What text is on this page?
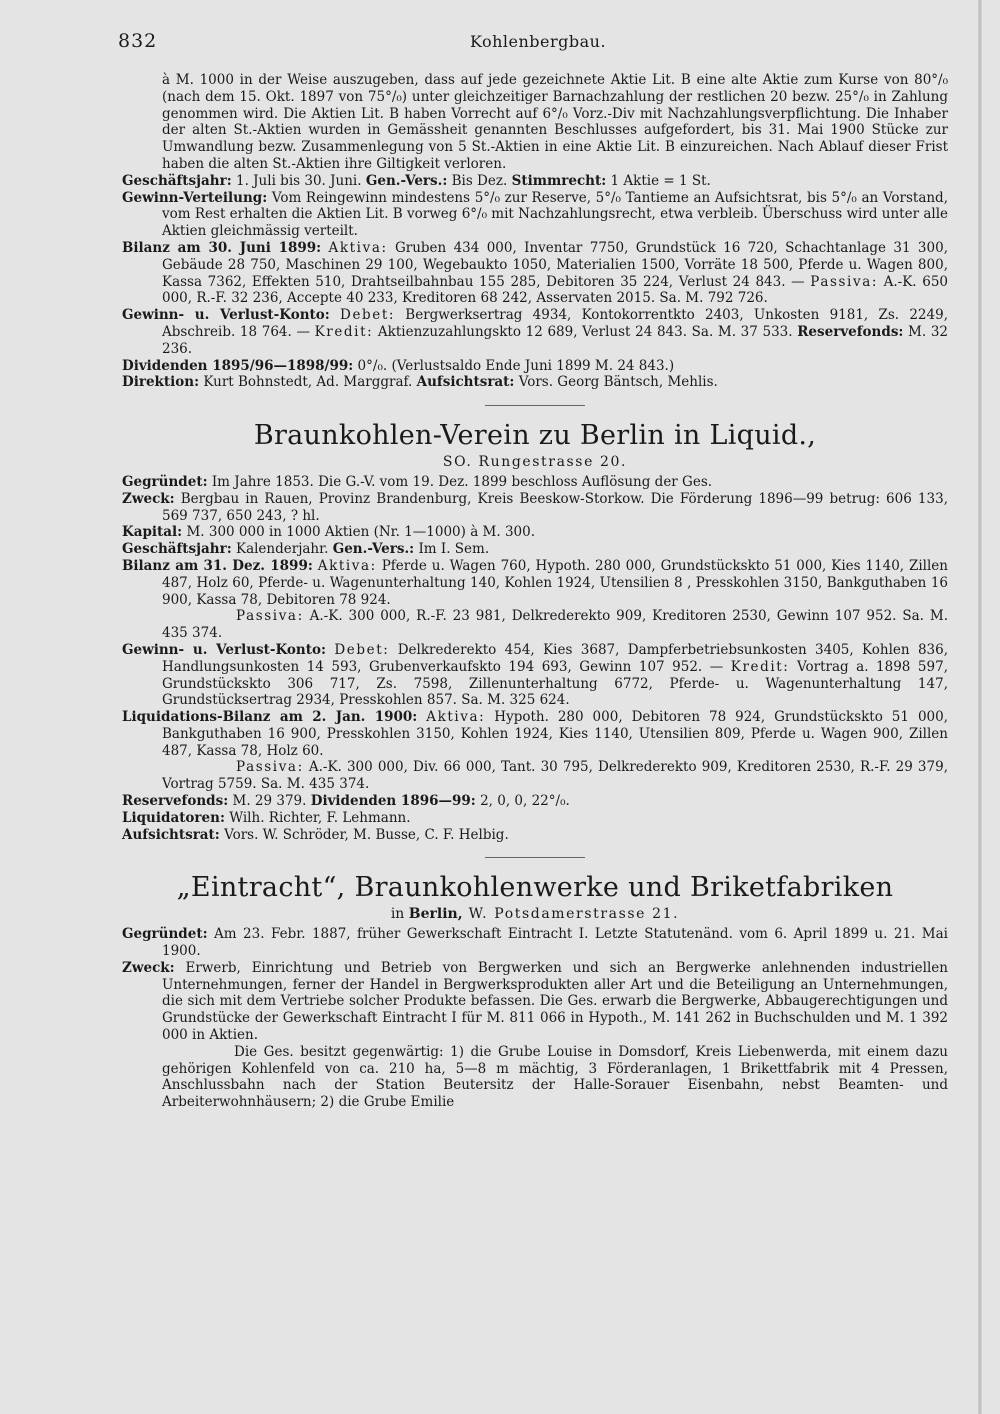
832	Kohlenbergbau.

à M. 1000 in der Weise auszugeben, dass auf jede gezeichnete Aktie Lit. B eine alte Aktie zum Kurse von 80°/₀ (nach dem 15. Okt. 1897 von 75°/₀) unter gleichzeitiger Barnachzahlung der restlichen 20 bezw. 25°/₀ in Zahlung genommen wird. Die Aktien Lit. B haben Vorrecht auf 6°/₀ Vorz.-Div mit Nachzahlungsverpflichtung. Die Inhaber der alten St.-Aktien wurden in Gemässheit genannten Beschlusses aufgefordert, bis 31. Mai 1900 Stücke zur Umwandlung bezw. Zusammenlegung von 5 St.-Aktien in eine Aktie Lit. B einzureichen. Nach Ablauf dieser Frist haben die alten St.-Aktien ihre Giltigkeit verloren.

Geschäftsjahr: 1. Juli bis 30. Juni. Gen.-Vers.: Bis Dez. Stimmrecht: 1 Aktie = 1 St.

Gewinn-Verteilung: Vom Reingewinn mindestens 5°/₀ zur Reserve, 5°/₀ Tantieme an Aufsichtsrat, bis 5°/₀ an Vorstand, vom Rest erhalten die Aktien Lit. B vorweg 6°/₀ mit Nachzahlungsrecht, etwa verbleib. Überschuss wird unter alle Aktien gleichmässig verteilt.

Bilanz am 30. Juni 1899: Aktiva: Gruben 434 000, Inventar 7750, Grundstück 16 720, Schachtanlage 31 300, Gebäude 28 750, Maschinen 29 100, Wegebaukto 1050, Materialien 1500, Vorräte 18 500, Pferde u. Wagen 800, Kassa 7362, Effekten 510, Drahtseilbahnbau 155 285, Debitoren 35 224, Verlust 24 843. — Passiva: A.-K. 650 000, R.-F. 32 236, Accepte 40 233, Kreditoren 68 242, Asservaten 2015. Sa. M. 792 726.

Gewinn- u. Verlust-Konto: Debet: Bergwerksertrag 4934, Kontokorrentkto 2403, Unkosten 9181, Zs. 2249, Abschreib. 18 764. — Kredit: Aktienzuzahlungskto 12 689, Verlust 24 843. Sa. M. 37 533. Reservefonds: M. 32 236.

Dividenden 1895/96—1898/99: 0°/₀. (Verlustsaldo Ende Juni 1899 M. 24 843.)

Direktion: Kurt Bohnstedt, Ad. Marggraf. Aufsichtsrat: Vors. Georg Bäntsch, Mehlis.

Braunkohlen-Verein zu Berlin in Liquid.,
SO. Rungestrasse 20.

Gegründet: Im Jahre 1853. Die G.-V. vom 19. Dez. 1899 beschloss Auflösung der Ges.

Zweck: Bergbau in Rauen, Provinz Brandenburg, Kreis Beeskow-Storkow. Die Förderung 1896—99 betrug: 606 133, 569 737, 650 243, ? hl.

Kapital: M. 300 000 in 1000 Aktien (Nr. 1—1000) à M. 300.

Geschäftsjahr: Kalenderjahr. Gen.-Vers.: Im I. Sem.

Bilanz am 31. Dez. 1899: Aktiva: Pferde u. Wagen 760, Hypoth. 280 000, Grundstückskto 51 000, Kies 1140, Zillen 487, Holz 60, Pferde- u. Wagenunterhaltung 140, Kohlen 1924, Utensilien 8 , Presskohlen 3150, Bankguthaben 16 900, Kassa 78, Debitoren 78 924.

Passiva: A.-K. 300 000, R.-F. 23 981, Delkrederekto 909, Kreditoren 2530, Gewinn 107 952. Sa. M. 435 374.

Gewinn- u. Verlust-Konto: Debet: Delkrederekto 454, Kies 3687, Dampferbetriebsunkosten 3405, Kohlen 836, Handlungsunkosten 14 593, Grubenverkaufskto 194 693, Gewinn 107 952. — Kredit: Vortrag a. 1898 597, Grundstückskto 306 717, Zs. 7598, Zillenunterhaltung 6772, Pferde- u. Wagenunterhaltung 147, Grundstücksertrag 2934, Presskohlen 857. Sa. M. 325 624.

Liquidations-Bilanz am 2. Jan. 1900: Aktiva: Hypoth. 280 000, Debitoren 78 924, Grundstückskto 51 000, Bankguthaben 16 900, Presskohlen 3150, Kohlen 1924, Kies 1140, Utensilien 809, Pferde u. Wagen 900, Zillen 487, Kassa 78, Holz 60.

Passiva: A.-K. 300 000, Div. 66 000, Tant. 30 795, Delkrederekto 909, Kreditoren 2530, R.-F. 29 379, Vortrag 5759. Sa. M. 435 374.

Reservefonds: M. 29 379. Dividenden 1896—99: 2, 0, 0, 22°/₀.

Liquidatoren: Wilh. Richter, F. Lehmann.

Aufsichtsrat: Vors. W. Schröder, M. Busse, C. F. Helbig.

„Eintracht“, Braunkohlenwerke und Briketfabriken
in Berlin, W. Potsdamerstrasse 21.

Gegründet: Am 23. Febr. 1887, früher Gewerkschaft Eintracht I. Letzte Statutenänd. vom 6. April 1899 u. 21. Mai 1900.

Zweck: Erwerb, Einrichtung und Betrieb von Bergwerken und sich an Bergwerke anlehnenden industriellen Unternehmungen, ferner der Handel in Bergwerksprodukten aller Art und die Beteiligung an Unternehmungen, die sich mit dem Vertriebe solcher Produkte befassen. Die Ges. erwarb die Bergwerke, Abbaugerechtigungen und Grundstücke der Gewerkschaft Eintracht I für M. 811 066 in Hypoth., M. 141 262 in Buchschulden und M. 1 392 000 in Aktien.

Die Ges. besitzt gegenwärtig: 1) die Grube Louise in Domsdorf, Kreis Liebenwerda, mit einem dazu gehörigen Kohlenfeld von ca. 210 ha, 5—8 m mächtig, 3 Förderanlagen, 1 Brikettfabrik mit 4 Pressen, Anschlussbahn nach der Station Beutersitz der Halle-Sorauer Eisenbahn, nebst Beamten- und Arbeiterwohnhäusern; 2) die Grube Emilie
